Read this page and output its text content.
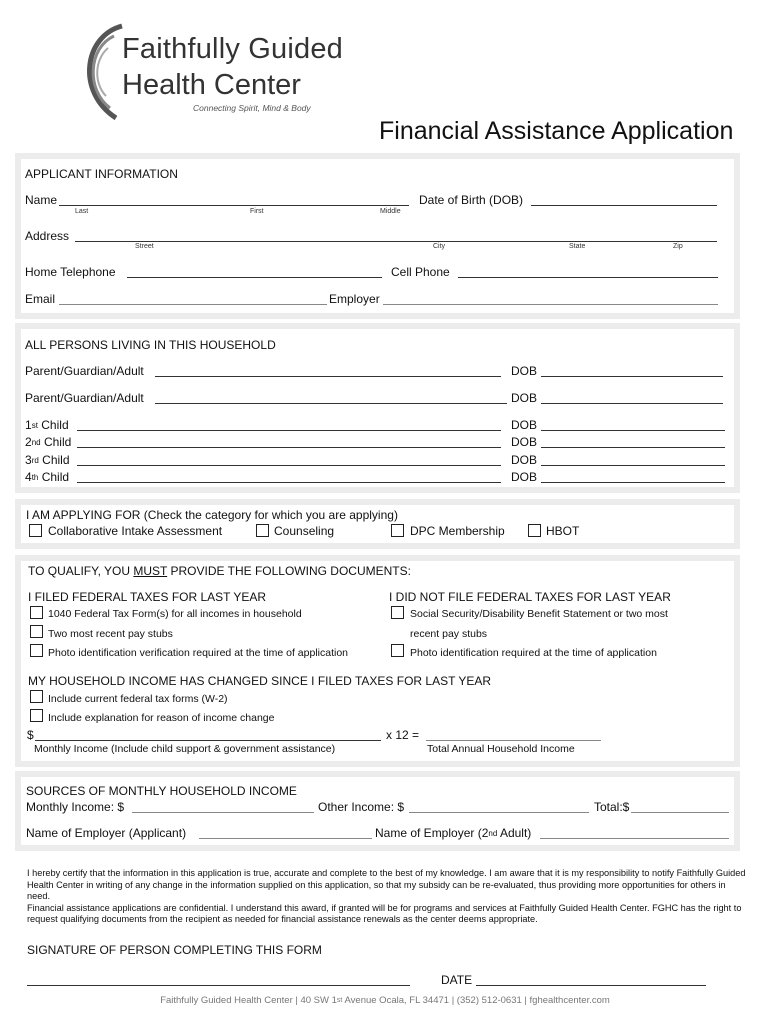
Faithfully Guided
Health Center
Connecting Spirit, Mind & Body
Financial Assistance Application
APPLICANT INFORMATION
Name
Last	First	Middle
Date of Birth (DOB)
Address
Street	City	State	Zip
Home Telephone	Cell Phone
Email	Employer
ALL PERSONS LIVING IN THIS HOUSEHOLD
Parent/Guardian/Adult	DOB
Parent/Guardian/Adult	DOB
1st Child	DOB
2nd Child	DOB
3rd Child	DOB
4th Child	DOB
I AM APPLYING FOR (Check the category for which you are applying)
Collaborative Intake Assessment	Counseling	DPC Membership	HBOT
TO QUALIFY, YOU MUST PROVIDE THE FOLLOWING DOCUMENTS:
I FILED FEDERAL TAXES FOR LAST YEAR
1040 Federal Tax Form(s) for all incomes in household
Two most recent pay stubs
Photo identification verification required at the time of application
I DID NOT FILE FEDERAL TAXES FOR LAST YEAR
Social Security/Disability Benefit Statement or two most
recent pay stubs
Photo identification required at the time of application
MY HOUSEHOLD INCOME HAS CHANGED SINCE I FILED TAXES FOR LAST YEAR
Include current federal tax forms (W-2)
Include explanation for reason of income change
$	x 12 =
Monthly Income (Include child support & government assistance)	Total Annual Household Income
SOURCES OF MONTHLY HOUSEHOLD INCOME
Monthly Income: $	Other Income: $	Total:$
Name of Employer (Applicant)	Name of Employer (2nd Adult)

I hereby certify that the information in this application is true, accurate and complete to the best of my knowledge. I am aware that it is my responsibility to notify Faithfully Guided Health Center in writing of any change in the information supplied on this application, so that my subsidy can be re-evaluated, thus providing more opportunities for others in need.

Financial assistance applications are confidential. I understand this award, if granted will be for programs and services at Faithfully Guided Health Center. FGHC has the right to request qualifying documents from the recipient as needed for financial assistance renewals as the center deems appropriate.

SIGNATURE OF PERSON COMPLETING THIS FORM
DATE
Faithfully Guided Health Center | 40 SW 1st Avenue Ocala, FL 34471 | (352) 512-0631 | fghealthcenter.com
